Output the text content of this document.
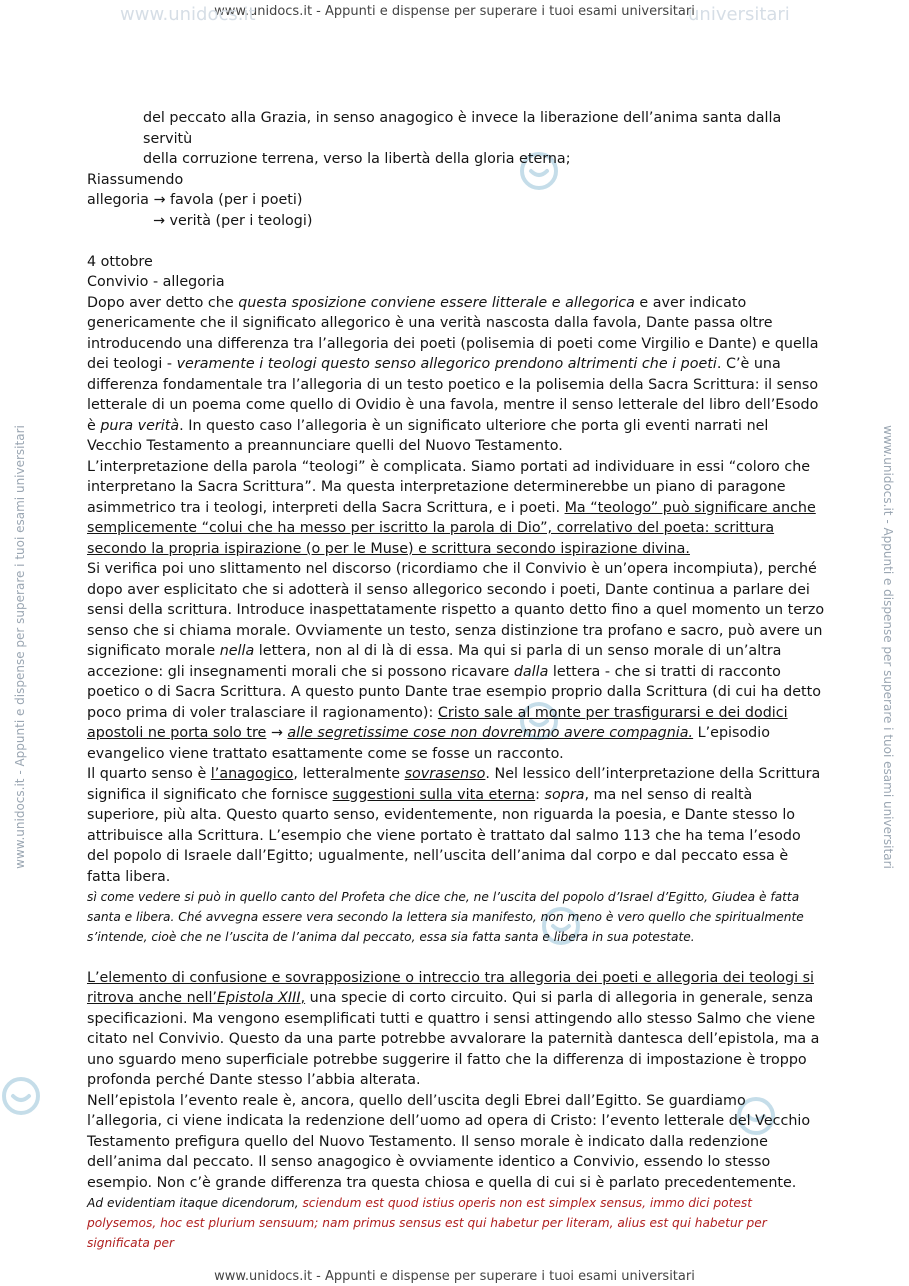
www.unidocs.it - Appunti e dispense per superare i tuoi esami universitari
www.unidocs.it - Appunti e dispense per superare i tuoi esami universitari
www.unidocs.it	universitari
www.unidocs.it - Appunti e dispense per superare i tuoi esami universitari	www.unidocs.it - Appunti e dispense per superare i tuoi esami universitari

del peccato alla Grazia, in senso anagogico è invece la liberazione dell’anima santa dalla servitù

della corruzione terrena, verso la libertà della gloria eterna;

Riassumendo

allegoria → favola (per i poeti)

→ verità (per i teologi)

4 ottobre

Convivio - allegoria

Dopo aver detto che questa sposizione conviene essere litterale e allegorica e aver indicato genericamente che il significato allegorico è una verità nascosta dalla favola, Dante passa oltre introducendo una differenza tra l’allegoria dei poeti (polisemia di poeti come Virgilio e Dante) e quella dei teologi - veramente i teologi questo senso allegorico prendono altrimenti che i poeti. C’è una differenza fondamentale tra l’allegoria di un testo poetico e la polisemia della Sacra Scrittura: il senso letterale di un poema come quello di Ovidio è una favola, mentre il senso letterale del libro dell’Esodo è pura verità. In questo caso l’allegoria è un significato ulteriore che porta gli eventi narrati nel Vecchio Testamento a preannunciare quelli del Nuovo Testamento.

L’interpretazione della parola “teologi” è complicata. Siamo portati ad individuare in essi “coloro che interpretano la Sacra Scrittura”. Ma questa interpretazione determinerebbe un piano di paragone asimmetrico tra i teologi, interpreti della Sacra Scrittura, e i poeti. Ma “teologo” può significare anche semplicemente “colui che ha messo per iscritto la parola di Dio”, correlativo del poeta: scrittura secondo la propria ispirazione (o per le Muse) e scrittura secondo ispirazione divina.

Si verifica poi uno slittamento nel discorso (ricordiamo che il Convivio è un’opera incompiuta), perché dopo aver esplicitato che si adotterà il senso allegorico secondo i poeti, Dante continua a parlare dei sensi della scrittura. Introduce inaspettatamente rispetto a quanto detto fino a quel momento un terzo senso che si chiama morale. Ovviamente un testo, senza distinzione tra profano e sacro, può avere un significato morale nella lettera, non al di là di essa. Ma qui si parla di un senso morale di un’altra accezione: gli insegnamenti morali che si possono ricavare dalla lettera - che si tratti di racconto poetico o di Sacra Scrittura. A questo punto Dante trae esempio proprio dalla Scrittura (di cui ha detto poco prima di voler tralasciare il ragionamento): Cristo sale al monte per trasfigurarsi e dei dodici apostoli ne porta solo tre → alle segretissime cose non dovremmo avere compagnia. L’episodio evangelico viene trattato esattamente come se fosse un racconto.

Il quarto senso è l’anagogico, letteralmente sovrasenso. Nel lessico dell’interpretazione della Scrittura significa il significato che fornisce suggestioni sulla vita eterna: sopra, ma nel senso di realtà superiore, più alta. Questo quarto senso, evidentemente, non riguarda la poesia, e Dante stesso lo attribuisce alla Scrittura. L’esempio che viene portato è trattato dal salmo 113 che ha tema l’esodo del popolo di Israele dall’Egitto; ugualmente, nell’uscita dell’anima dal corpo e dal peccato essa è fatta libera.

sì come vedere si può in quello canto del Profeta che dice che, ne l’uscita del popolo d’Israel d’Egitto, Giudea è fatta santa e libera. Ché avvegna essere vera secondo la lettera sia manifesto, non meno è vero quello che spiritualmente s’intende, cioè che ne l’uscita de l’anima dal peccato, essa sia fatta santa e libera in sua potestate.

L’elemento di confusione e sovrapposizione o intreccio tra allegoria dei poeti e allegoria dei teologi si ritrova anche nell’Epistola XIII, una specie di corto circuito. Qui si parla di allegoria in generale, senza specificazioni. Ma vengono esemplificati tutti e quattro i sensi attingendo allo stesso Salmo che viene citato nel Convivio. Questo da una parte potrebbe avvalorare la paternità dantesca dell’epistola, ma a uno sguardo meno superficiale potrebbe suggerire il fatto che la differenza di impostazione è troppo profonda perché Dante stesso l’abbia alterata.

Nell’epistola l’evento reale è, ancora, quello dell’uscita degli Ebrei dall’Egitto. Se guardiamo l’allegoria, ci viene indicata la redenzione dell’uomo ad opera di Cristo: l’evento letterale del Vecchio Testamento prefigura quello del Nuovo Testamento. Il senso morale è indicato dalla redenzione dell’anima dal peccato. Il senso anagogico è ovviamente identico a Convivio, essendo lo stesso esempio. Non c’è grande differenza tra questa chiosa e quella di cui si è parlato precedentemente.

Ad evidentiam itaque dicendorum, sciendum est quod istius operis non est simplex sensus, immo dici potest polysemos, hoc est plurium sensuum; nam primus sensus est qui habetur per literam, alius est qui habetur per significata per
